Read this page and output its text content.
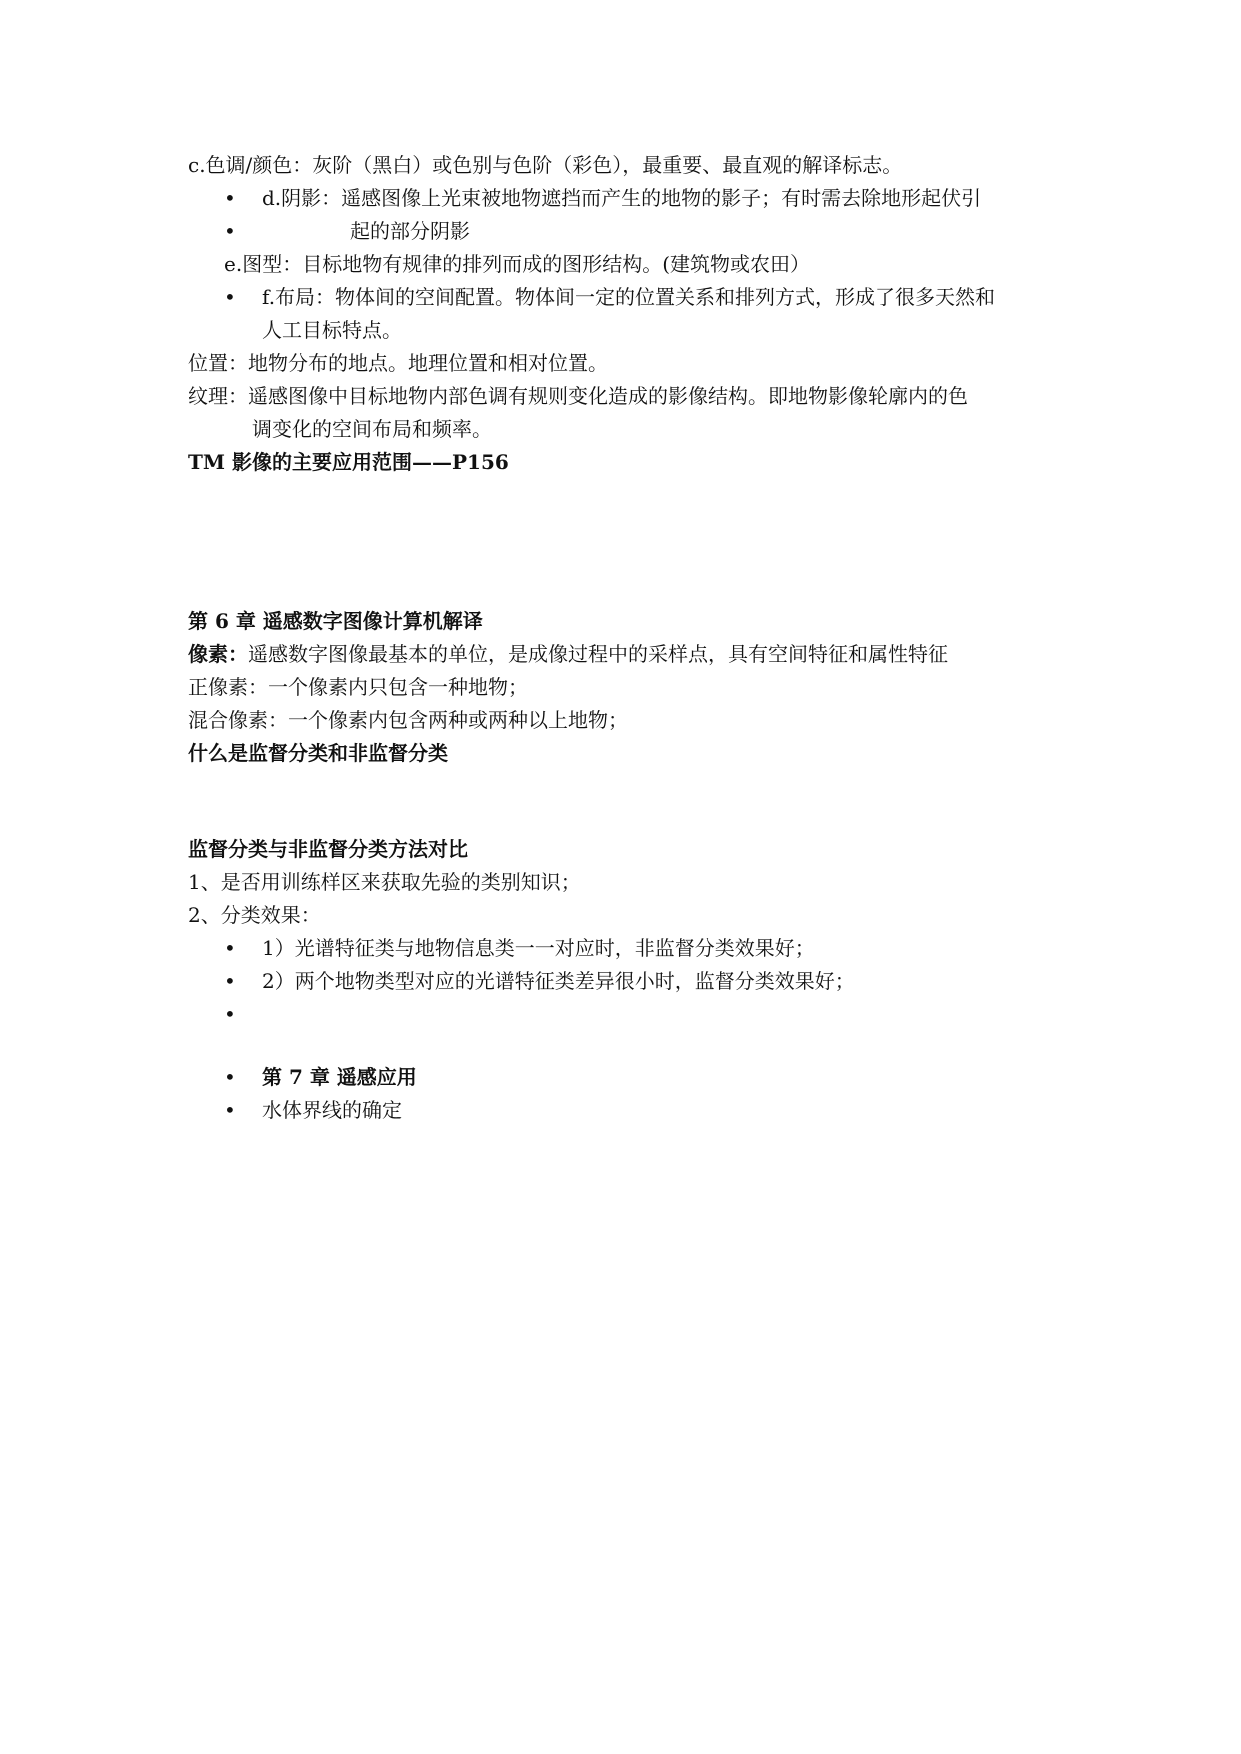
c.色调/颜色：灰阶（黑白）或色别与色阶（彩色），最重要、最直观的解译标志。
• d.阴影：遥感图像上光束被地物遮挡而产生的地物的影子；有时需去除地形起伏引
•	起的部分阴影
e.图型：目标地物有规律的排列而成的图形结构。(建筑物或农田）
• f.布局：物体间的空间配置。物体间一定的位置关系和排列方式，形成了很多天然和
人工目标特点。
位置：地物分布的地点。地理位置和相对位置。
纹理：遥感图像中目标地物内部色调有规则变化造成的影像结构。即地物影像轮廓内的色
调变化的空间布局和频率。
TM 影像的主要应用范围——P156
第 6 章 遥感数字图像计算机解译
像素：遥感数字图像最基本的单位，是成像过程中的采样点，具有空间特征和属性特征
正像素：一个像素内只包含一种地物；
混合像素：一个像素内包含两种或两种以上地物；
什么是监督分类和非监督分类
监督分类与非监督分类方法对比
1、是否用训练样区来获取先验的类别知识；
2、分类效果：
• 1）光谱特征类与地物信息类一一对应时，非监督分类效果好；
• 2）两个地物类型对应的光谱特征类差异很小时，监督分类效果好；
•
• 第 7 章 遥感应用
• 水体界线的确定
